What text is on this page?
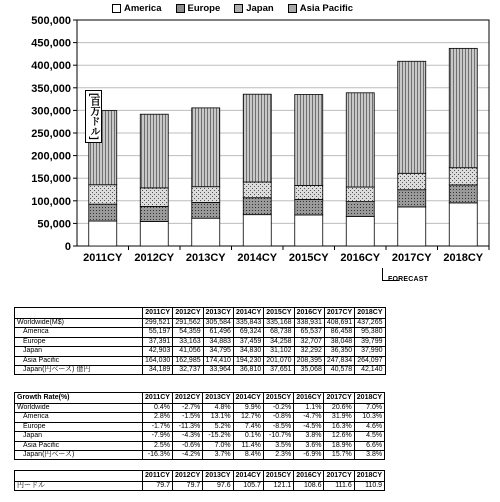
0
50,000
100,000
150,000
200,000
250,000
300,000
350,000
400,000
450,000
500,000
2011CY 2012CY 2013CY 2014CY 2015CY 2016CY 2017CY 2018CY
America	Europe	Japan	Asia Pacific
[百万ドル]
FORECAST
	2011CY	2012CY	2013CY	2014CY	2015CY	2016CY	2017CY	2018CY
Worldwide(M$)	299,521	291,562	305,584	335,843	335,168	338,931	408,691	437,265
America	55,197	54,359	61,496	69,324	68,738	65,537	86,458	95,380
Europe	37,391	33,163	34,883	37,459	34,258	32,707	38,048	39,799
Japan	42,903	41,056	34,795	34,830	31,102	32,292	36,350	37,990
Asia Pacific	164,030	162,985	174,410	194,230	201,070	208,395	247,834	264,097
Japan(円ベース) 億円	34,189	32,737	33,964	36,810	37,651	35,068	40,578	42,140
Growth Rate(%)	2011CY	2012CY	2013CY	2014CY	2015CY	2016CY	2017CY	2018CY
Worldwide	0.4%	-2.7%	4.8%	9.9%	-0.2%	1.1%	20.6%	7.0%
America	2.8%	-1.5%	13.1%	12.7%	-0.8%	-4.7%	31.9%	10.3%
Europe	-1.7%	-11.3%	5.2%	7.4%	-8.5%	-4.5%	16.3%	4.6%
Japan	-7.9%	-4.3%	-15.2%	0.1%	-10.7%	3.8%	12.6%	4.5%
Asia Pacific	2.5%	-0.6%	7.0%	11.4%	3.5%	3.6%	18.9%	6.6%
Japan(円ベース)	-16.3%	-4.2%	3.7%	8.4%	2.3%	-6.9%	15.7%	3.8%
	2011CY	2012CY	2013CY	2014CY	2015CY	2016CY	2017CY	2018CY
円ードル	79.7	79.7	97.6	105.7	121.1	108.6	111.6	110.9
